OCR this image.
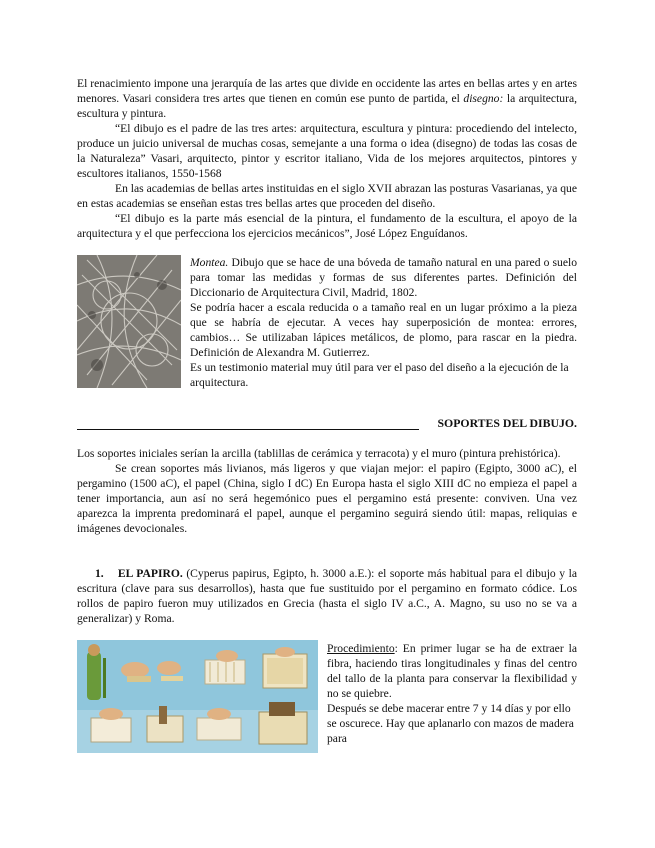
El renacimiento impone una jerarquía de las artes que divide en occidente las artes en bellas artes y en artes menores. Vasari considera tres artes que tienen en común ese punto de partida, el disegno: la arquitectura, escultura y pintura.

“El dibujo es el padre de las tres artes: arquitectura, escultura y pintura: procediendo del intelecto, produce un juicio universal de muchas cosas, semejante a una forma o idea (disegno) de todas las cosas de la Naturaleza” Vasari, arquitecto, pintor y escritor italiano, Vida de los mejores arquitectos, pintores y escultores italianos, 1550-1568

En las academias de bellas artes instituidas en el siglo XVII abrazan las posturas Vasarianas, ya que en estas academias se enseñan estas tres bellas artes que proceden del diseño.

“El dibujo es la parte más esencial de la pintura, el fundamento de la escultura, el apoyo de la arquitectura y el que perfecciona los ejercicios mecánicos”, José López Enguídanos.

Montea. Dibujo que se hace de una bóveda de tamaño natural en una pared o suelo para tomar las medidas y formas de sus diferentes partes. Definición del Diccionario de Arquitectura Civil, Madrid, 1802.

Se podría hacer a escala reducida o a tamaño real en un lugar próximo a la pieza que se habría de ejecutar. A veces hay superposición de montea: errores, cambios… Se utilizaban lápices metálicos, de plomo, para rascar en la piedra. Definición de Alexandra M. Gutierrez.

Es un testimonio material muy útil para ver el paso del diseño a la ejecución de la
arquitectura.

SOPORTES DEL DIBUJO.

Los soportes iniciales serían la arcilla (tablillas de cerámica y terracota) y el muro (pintura prehistórica).

Se crean soportes más livianos, más ligeros y que viajan mejor: el papiro (Egipto, 3000 aC), el pergamino (1500 aC), el papel (China, siglo I dC) En Europa hasta el siglo XIII dC no empieza el papel a tener importancia, aun así no será hegemónico pues el pergamino está presente: conviven. Una vez aparezca la imprenta predominará el papel, aunque el pergamino seguirá siendo útil: mapas, reliquias e imágenes devocionales.

1. EL PAPIRO. (Cyperus papirus, Egipto, h. 3000 a.E.): el soporte más habitual para el dibujo y la escritura (clave para sus desarrollos), hasta que fue sustituido por el pergamino en formato códice. Los rollos de papiro fueron muy utilizados en Grecia (hasta el siglo IV a.C., A. Magno, su uso no se va a generalizar) y Roma.

Procedimiento: En primer lugar se ha de extraer la fibra, haciendo tiras longitudinales y finas del centro del tallo de la planta para conservar la flexibilidad y no se quiebre.

Después se debe macerar entre 7 y 14 días y por ello se oscurece. Hay que aplanarlo con mazos de madera para
